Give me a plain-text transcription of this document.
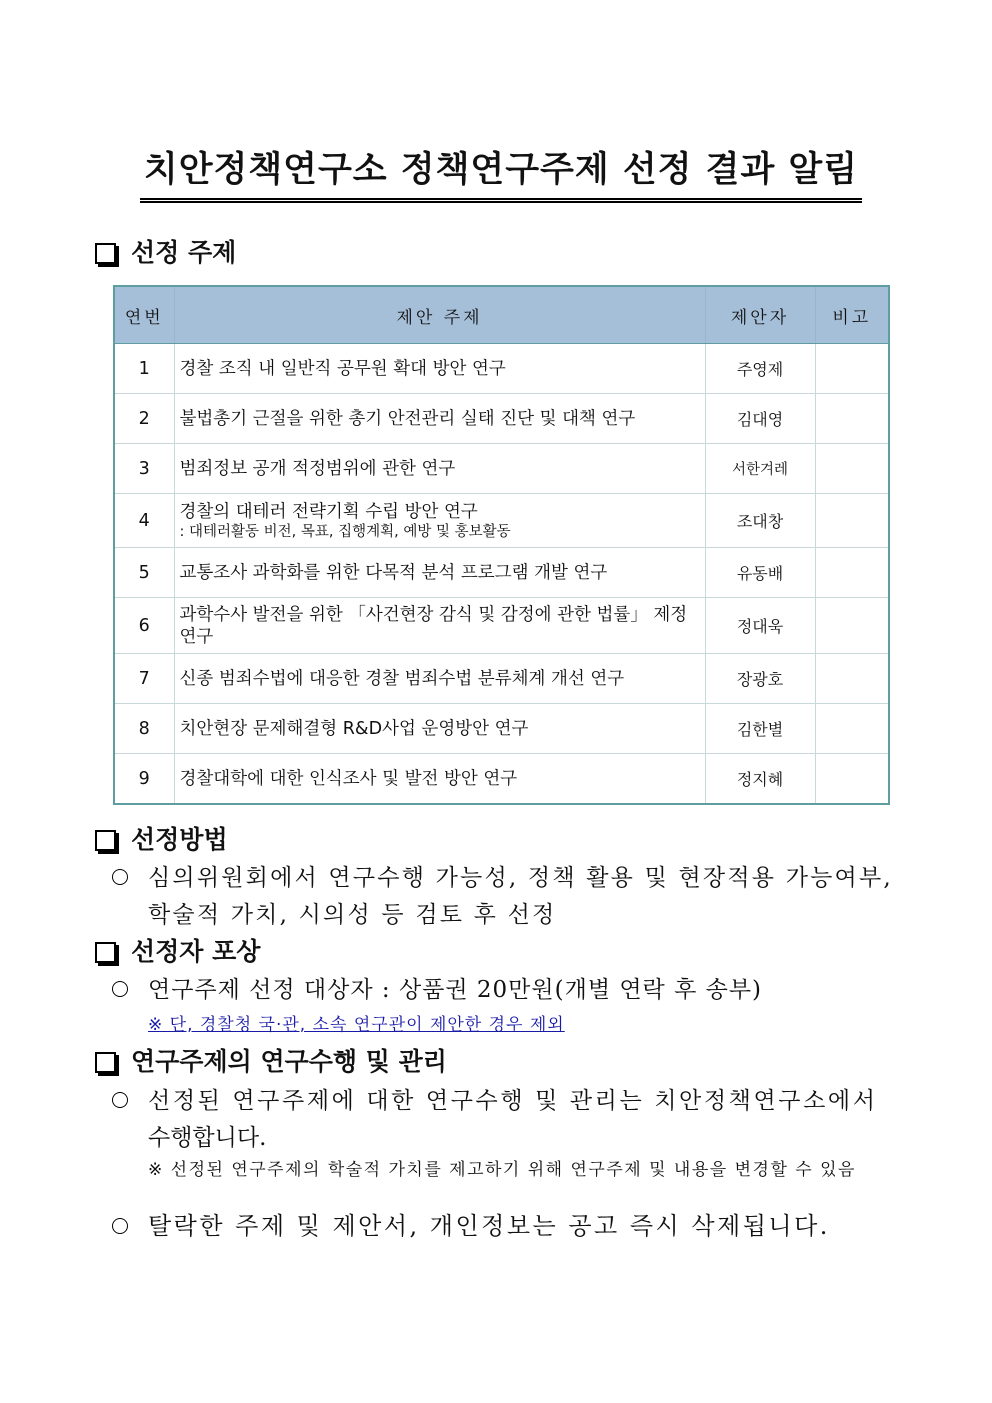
치안정책연구소 정책연구주제 선정 결과 알림
선정 주제
연번	제안 주제	제안자	비고
1	경찰 조직 내 일반직 공무원 확대 방안 연구	주영제	
2	불법총기 근절을 위한 총기 안전관리 실태 진단 및 대책 연구	김대영	
3	범죄정보 공개 적정범위에 관한 연구	서한겨레	
4	경찰의 대테러 전략기획 수립 방안 연구
: 대테러활동 비전, 목표, 집행계획, 예방 및 홍보활동	조대창	
5	교통조사 과학화를 위한 다목적 분석 프로그램 개발 연구	유동배	
6	과학수사 발전을 위한 「사건현장 감식 및 감정에 관한 법률」 제정 연구	정대욱	
7	신종 범죄수법에 대응한 경찰 범죄수법 분류체계 개선 연구	장광호	
8	치안현장 문제해결형 R&D사업 운영방안 연구	김한별	
9	경찰대학에 대한 인식조사 및 발전 방안 연구	정지혜	
선정방법
심의위원회에서 연구수행 가능성, 정책 활용 및 현장적용 가능여부,
학술적 가치, 시의성 등 검토 후 선정
선정자 포상
연구주제 선정 대상자 : 상품권 20만원(개별 연락 후 송부)
※ 단, 경찰청 국·관, 소속 연구관이 제안한 경우 제외
연구주제의 연구수행 및 관리
선정된 연구주제에 대한 연구수행 및 관리는 치안정책연구소에서
수행합니다.
※ 선정된 연구주제의 학술적 가치를 제고하기 위해 연구주제 및 내용을 변경할 수 있음
탈락한 주제 및 제안서, 개인정보는 공고 즉시 삭제됩니다.
